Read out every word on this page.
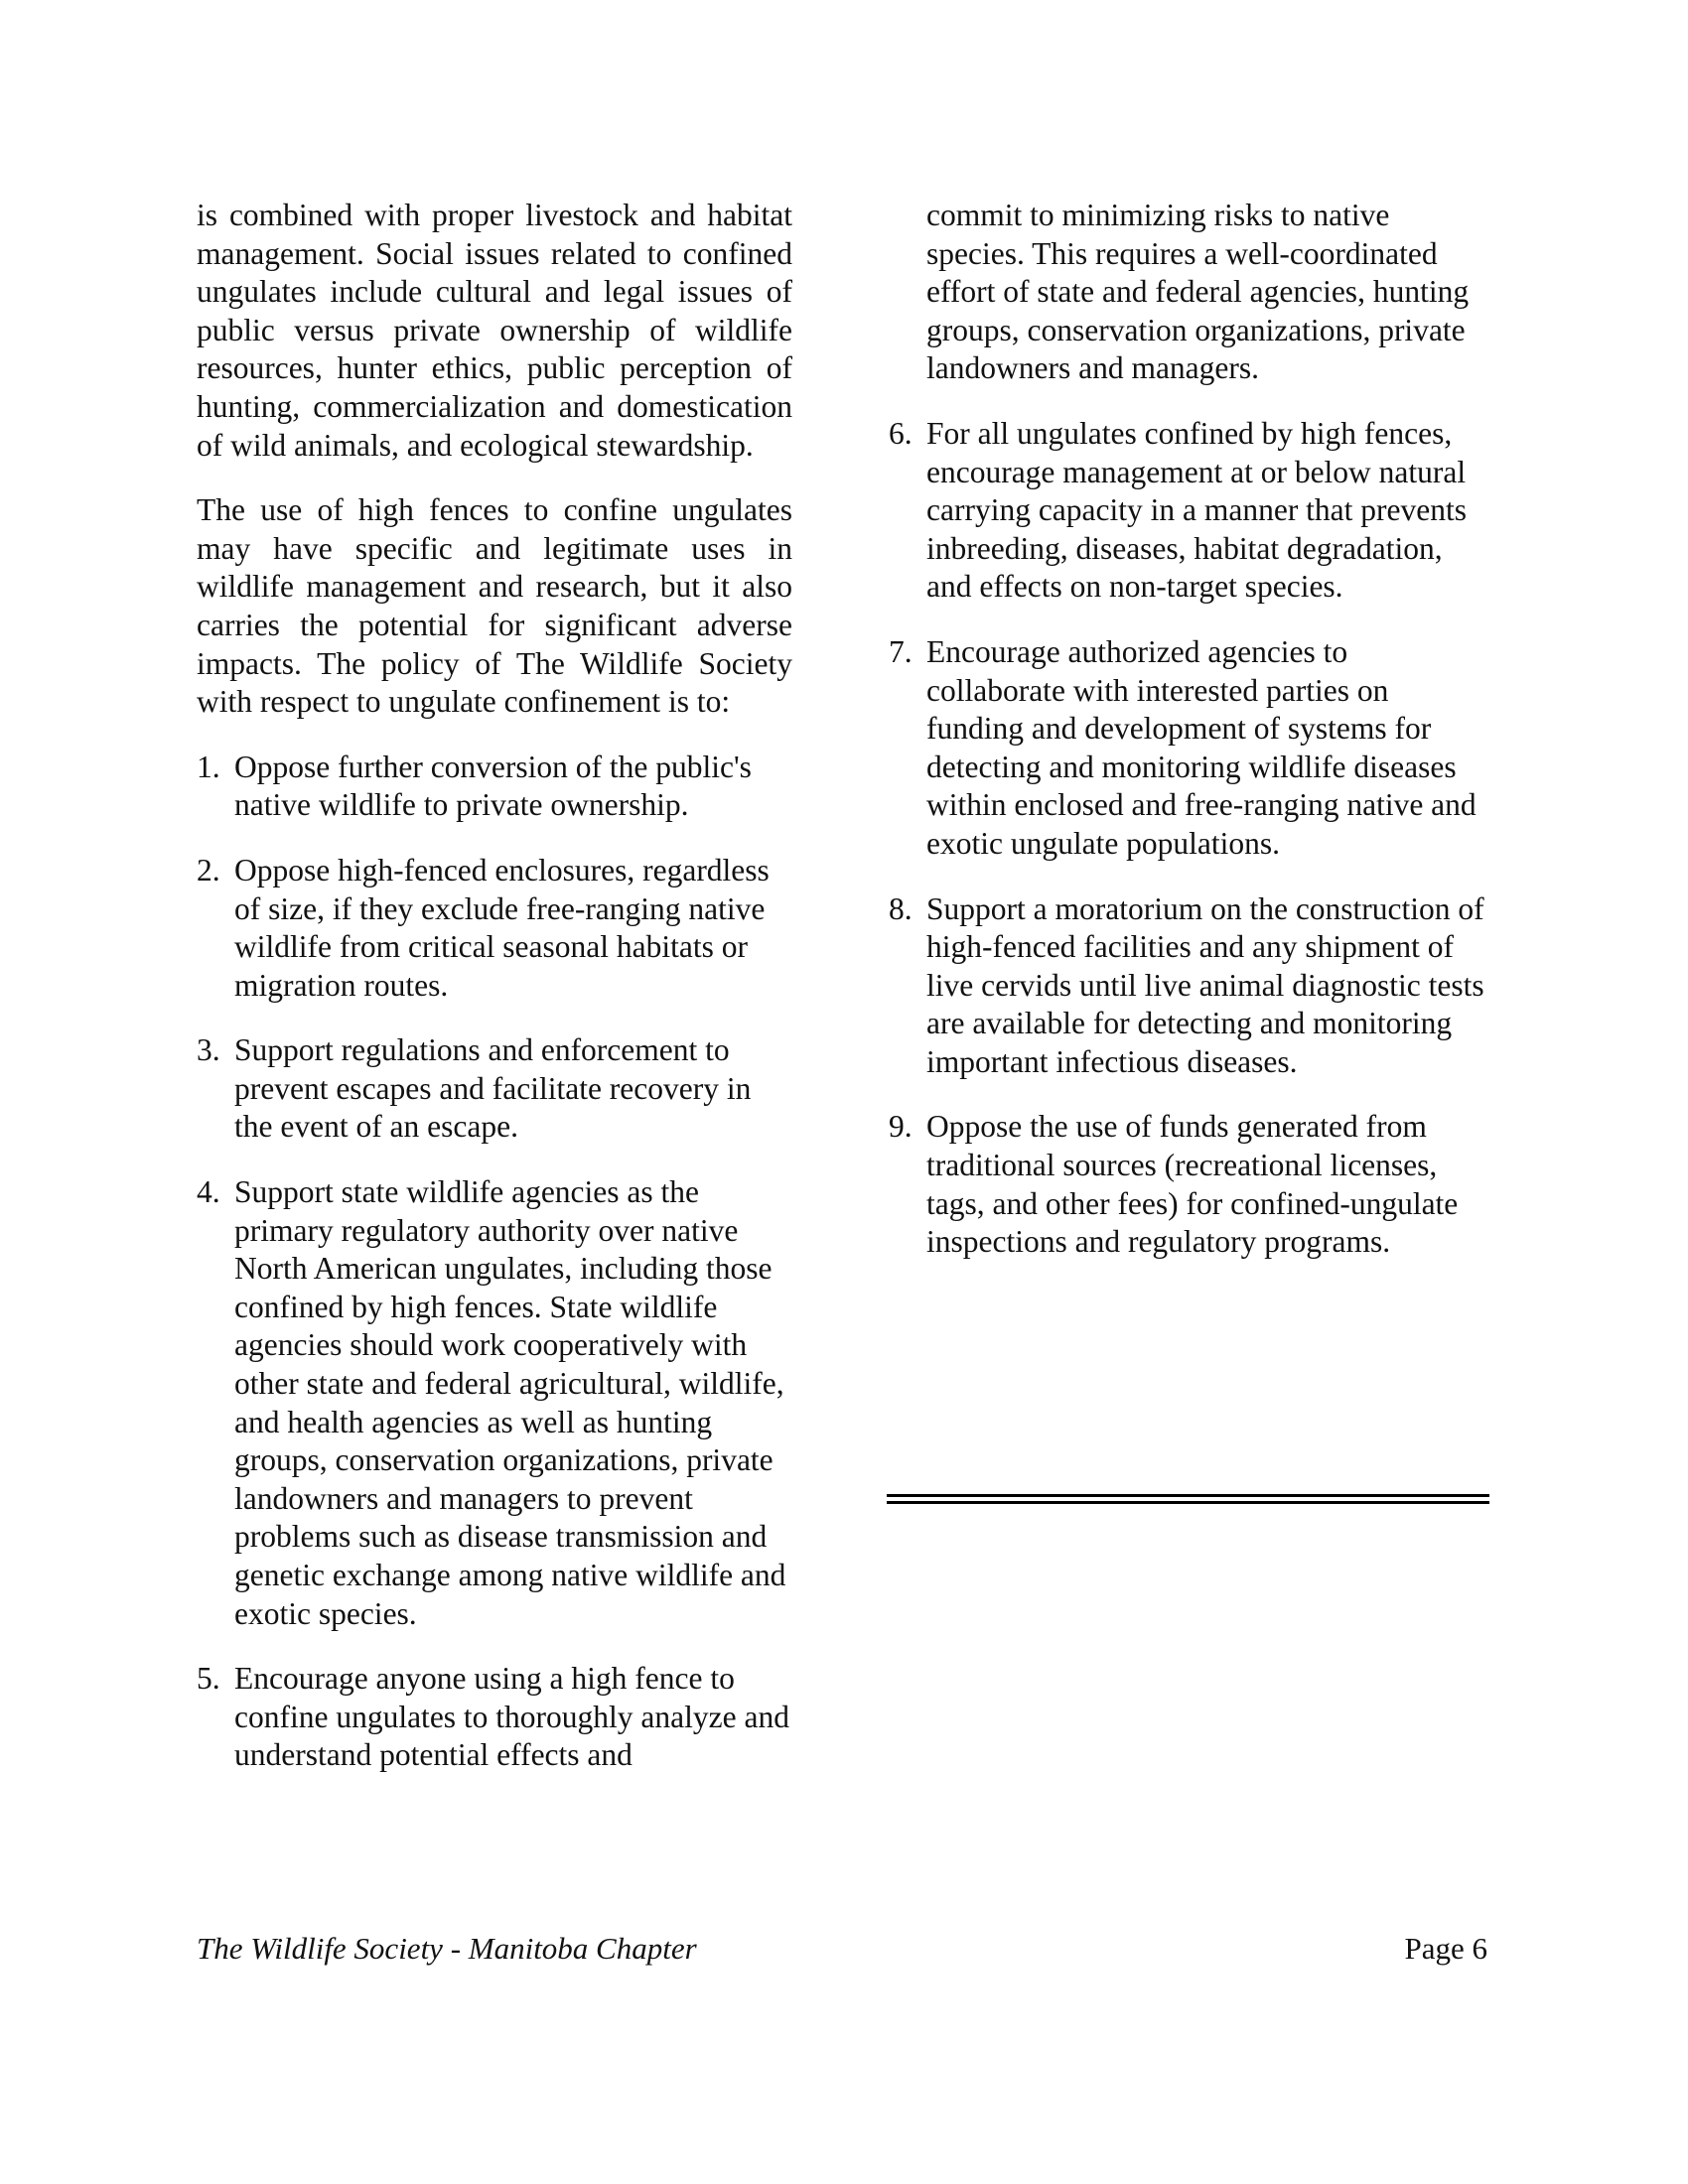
is combined with proper livestock and habitat management. Social issues related to confined ungulates include cultural and legal issues of public versus private ownership of wildlife resources, hunter ethics, public perception of hunting, commercialization and domestication of wild animals, and ecological stewardship.

The use of high fences to confine ungulates may have specific and legitimate uses in wildlife management and research, but it also carries the potential for significant adverse impacts. The policy of The Wildlife Society with respect to ungulate confinement is to:

1. Oppose further conversion of the public's native wildlife to private ownership.
2. Oppose high-fenced enclosures, regardless of size, if they exclude free-ranging native wildlife from critical seasonal habitats or migration routes.
3. Support regulations and enforcement to prevent escapes and facilitate recovery in the event of an escape.
4. Support state wildlife agencies as the primary regulatory authority over native North American ungulates, including those confined by high fences. State wildlife agencies should work cooperatively with other state and federal agricultural, wildlife, and health agencies as well as hunting groups, conservation organizations, private landowners and managers to prevent problems such as disease transmission and genetic exchange among native wildlife and exotic species.
5. Encourage anyone using a high fence to confine ungulates to thoroughly analyze and understand potential effects and

commit to minimizing risks to native species. This requires a well-coordinated effort of state and federal agencies, hunting groups, conservation organizations, private landowners and managers.

6. For all ungulates confined by high fences, encourage management at or below natural carrying capacity in a manner that prevents inbreeding, diseases, habitat degradation, and effects on non-target species.
7. Encourage authorized agencies to collaborate with interested parties on funding and development of systems for detecting and monitoring wildlife diseases within enclosed and free-ranging native and exotic ungulate populations.
8. Support a moratorium on the construction of high-fenced facilities and any shipment of live cervids until live animal diagnostic tests are available for detecting and monitoring important infectious diseases.
9. Oppose the use of funds generated from traditional sources (recreational licenses, tags, and other fees) for confined-ungulate inspections and regulatory programs.
The Wildlife Society - Manitoba Chapter	Page 6
